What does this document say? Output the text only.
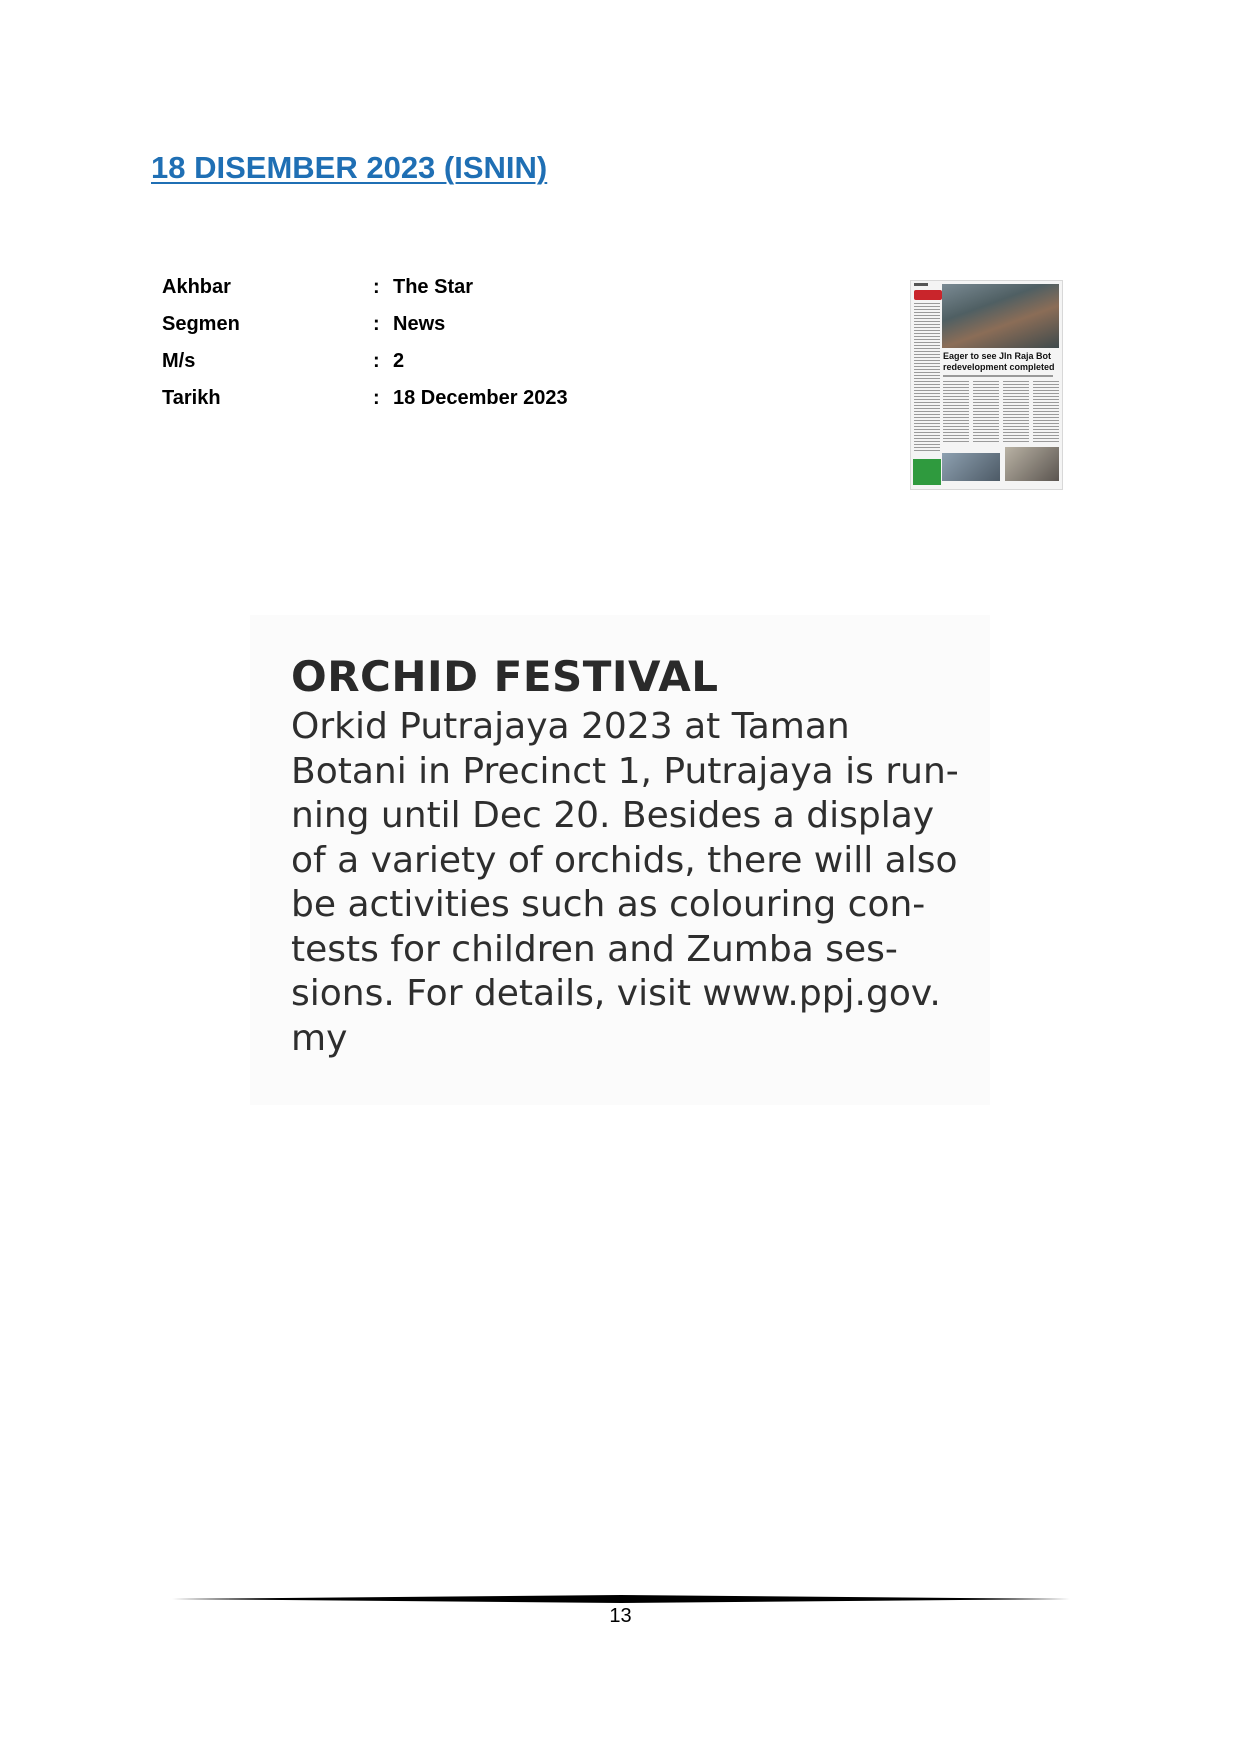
18 DISEMBER 2023 (ISNIN)
Akhbar	: The Star
Segmen	: News
M/s	: 2
Tarikh	: 18 December 2023
Eager to see Jln Raja Bot
redevelopment completed
ORCHID FESTIVAL
Orkid Putrajaya 2023 at Taman
Botani in Precinct 1, Putrajaya is run-
ning until Dec 20. Besides a display
of a variety of orchids, there will also
be activities such as colouring con-
tests for children and Zumba ses-
sions. For details, visit www.ppj.gov.
my
13
